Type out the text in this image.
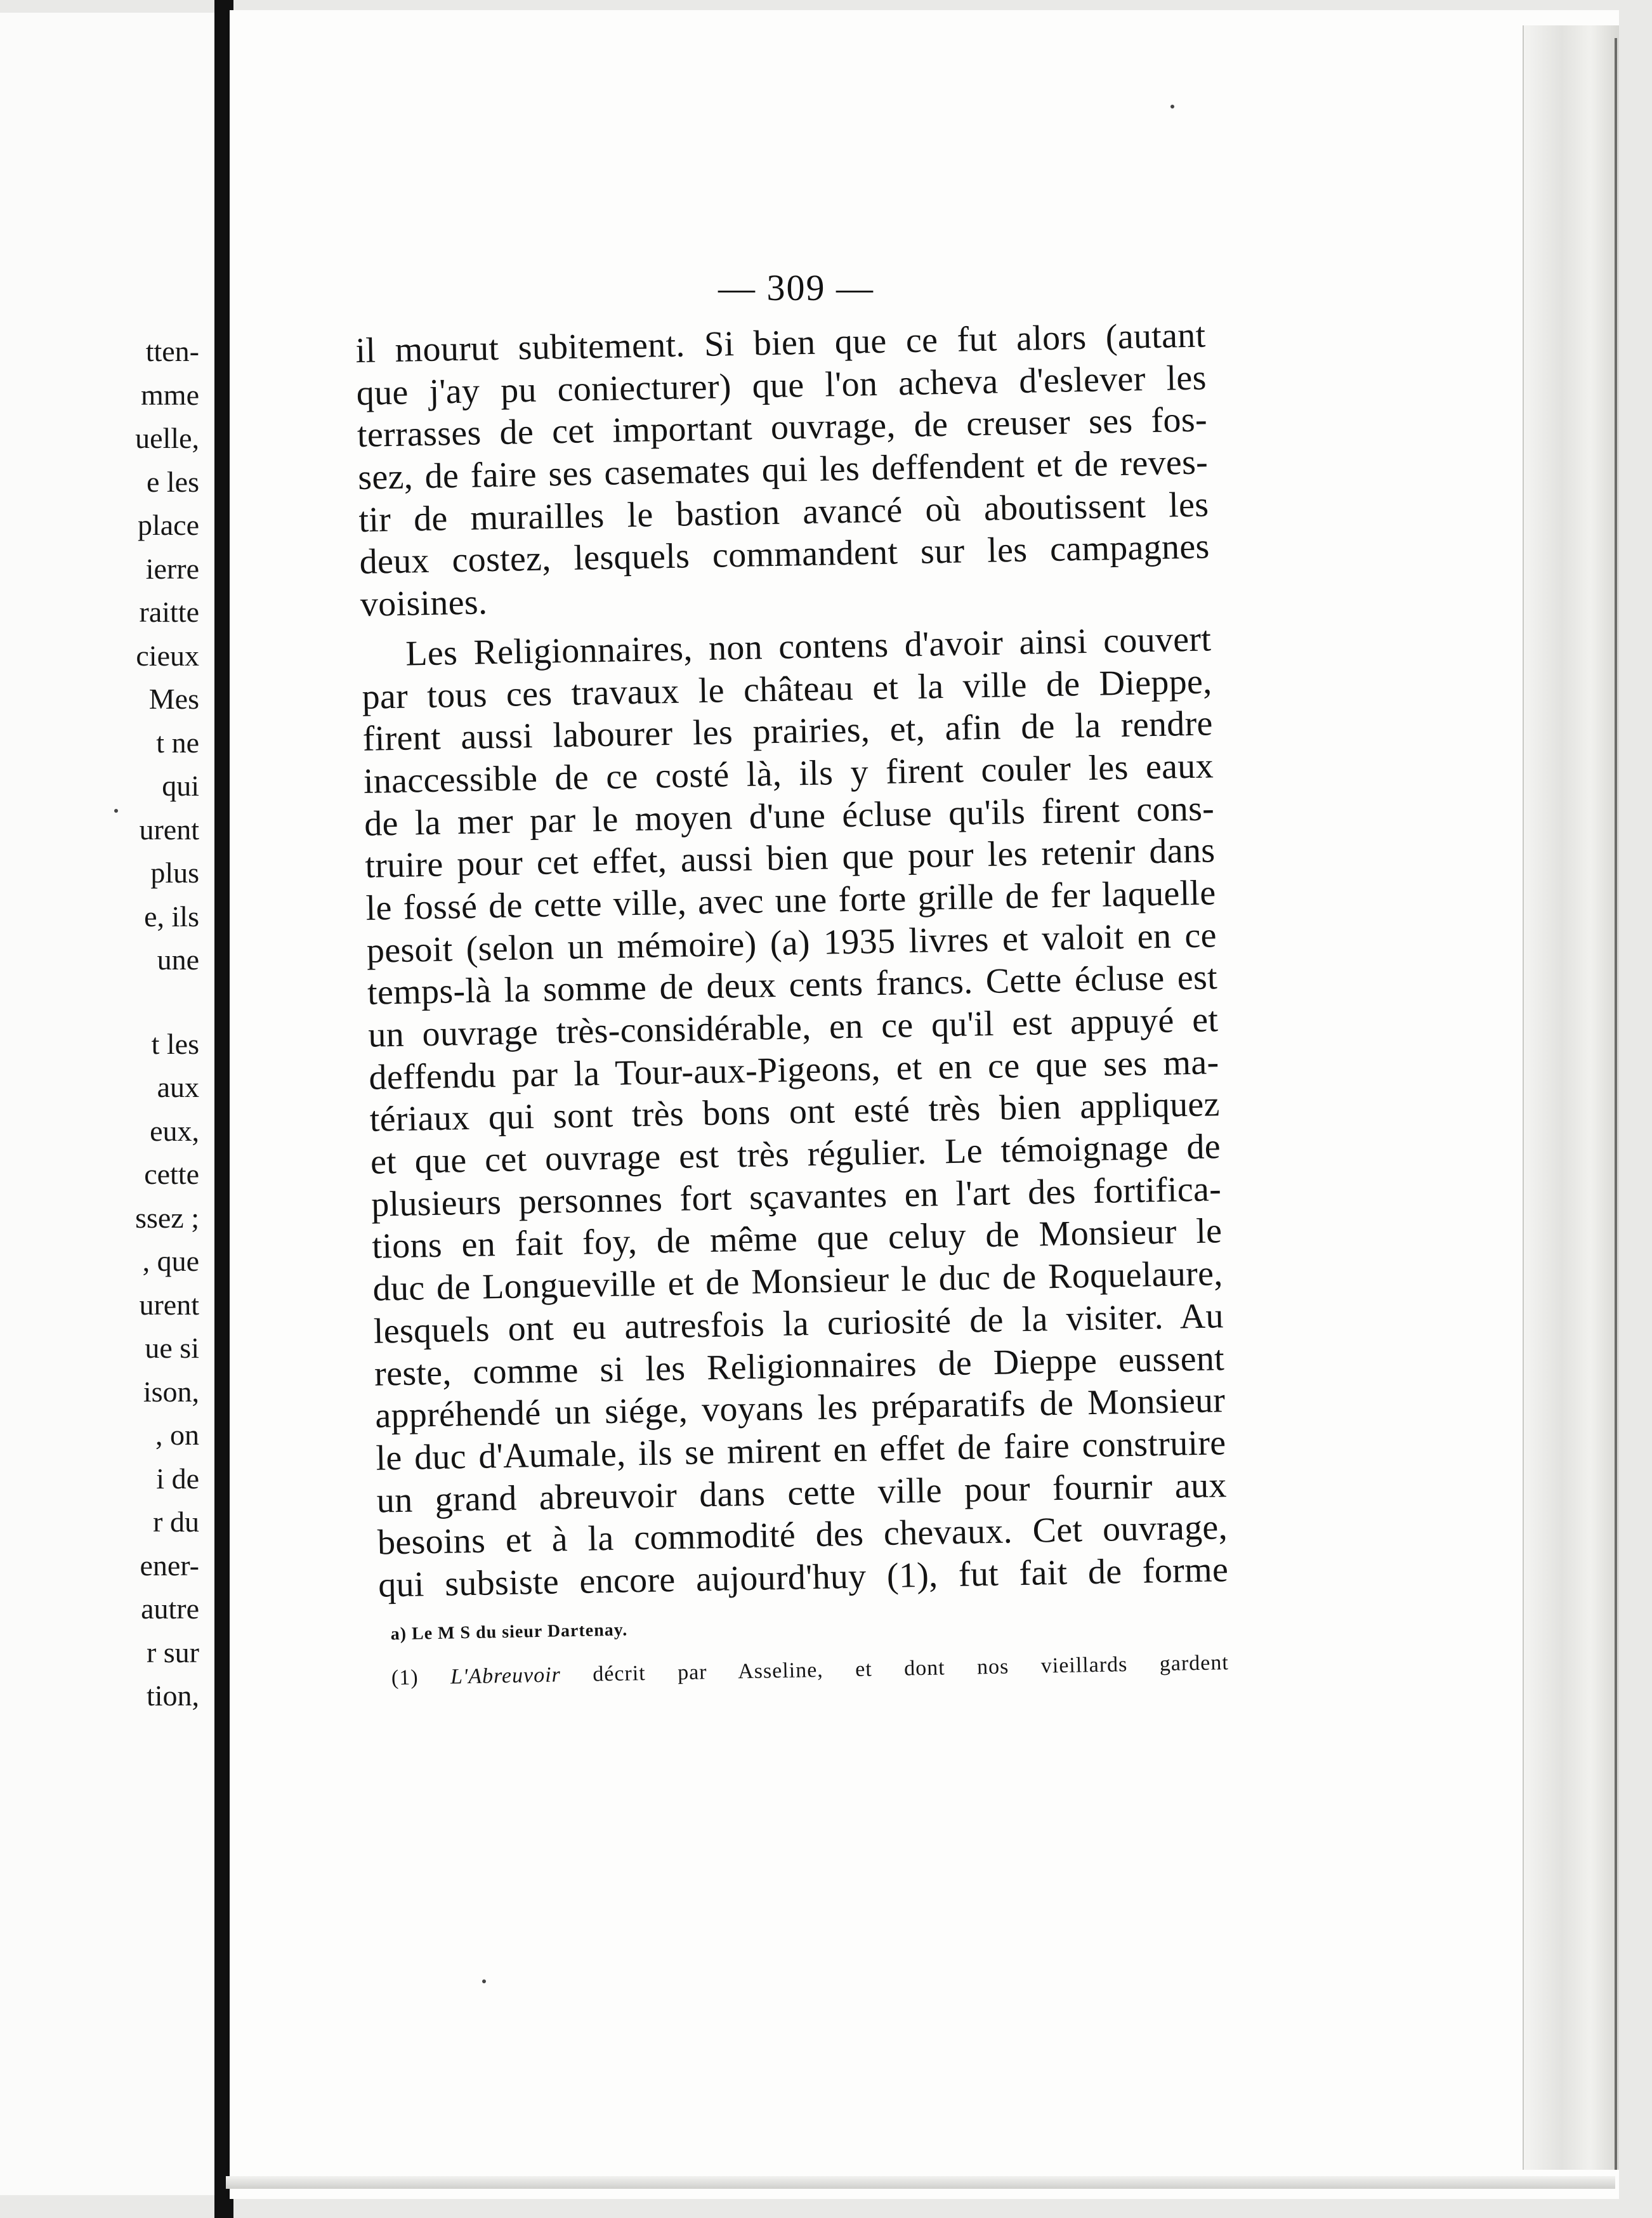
tten-
mme
uelle,
e les
place
ierre
raitte
cieux
Mes
t ne
qui
urent
plus
e, ils
une
t les
aux
eux,
cette
ssez ;
, que
urent
ue si
ison,
, on
i de
r du
ener-
autre
r sur
tion,
— 309 —
il mourut subitement. Si bien que ce fut alors (autant
que j'ay pu coniecturer) que l'on acheva d'eslever les
terrasses de cet important ouvrage, de creuser ses fos-
sez, de faire ses casemates qui les deffendent et de reves-
tir de murailles le bastion avancé où aboutissent les
deux costez, lesquels commandent sur les campagnes
voisines.
Les Religionnaires, non contens d'avoir ainsi couvert
par tous ces travaux le château et la ville de Dieppe,
firent aussi labourer les prairies, et, afin de la rendre
inaccessible de ce costé là, ils y firent couler les eaux
de la mer par le moyen d'une écluse qu'ils firent cons-
truire pour cet effet, aussi bien que pour les retenir dans
le fossé de cette ville, avec une forte grille de fer laquelle
pesoit (selon un mémoire) (a) 1935 livres et valoit en ce
temps-là la somme de deux cents francs. Cette écluse est
un ouvrage très-considérable, en ce qu'il est appuyé et
deffendu par la Tour-aux-Pigeons, et en ce que ses ma-
tériaux qui sont très bons ont esté très bien appliquez
et que cet ouvrage est très régulier. Le témoignage de
plusieurs personnes fort sçavantes en l'art des fortifica-
tions en fait foy, de même que celuy de Monsieur le
duc de Longueville et de Monsieur le duc de Roquelaure,
lesquels ont eu autresfois la curiosité de la visiter. Au
reste, comme si les Religionnaires de Dieppe eussent
appréhendé un siége, voyans les préparatifs de Monsieur
le duc d'Aumale, ils se mirent en effet de faire construire
un grand abreuvoir dans cette ville pour fournir aux
besoins et à la commodité des chevaux. Cet ouvrage,
qui subsiste encore aujourd'huy (1), fut fait de forme
a) Le M S du sieur Dartenay.
(1) L'Abreuvoir décrit par Asseline, et dont nos vieillards gardent
